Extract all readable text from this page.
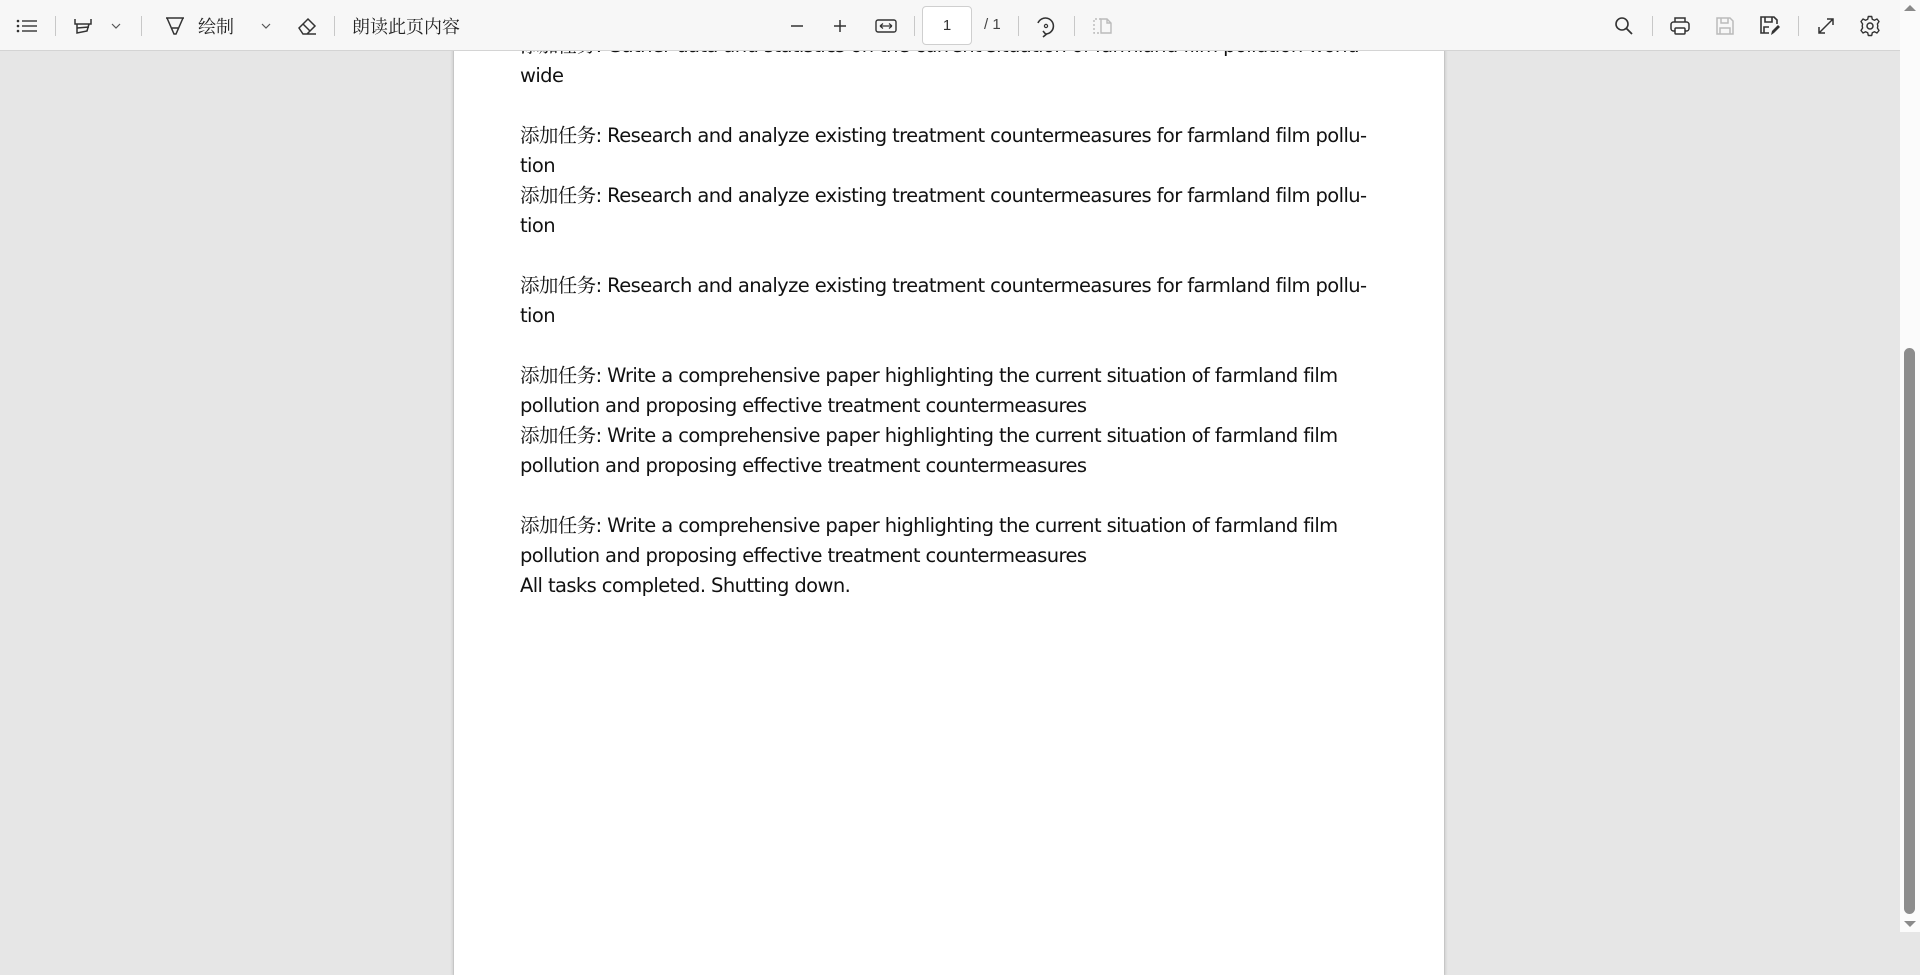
绘制	朗读此页内容	1	/ 1
wide
添加任务: Research and analyze existing treatment countermeasures for farmland film pollu-
tion
添加任务: Research and analyze existing treatment countermeasures for farmland film pollu-
tion
添加任务: Research and analyze existing treatment countermeasures for farmland film pollu-
tion
添加任务: Write a comprehensive paper highlighting the current situation of farmland film
pollution and proposing effective treatment countermeasures
添加任务: Write a comprehensive paper highlighting the current situation of farmland film
pollution and proposing effective treatment countermeasures
添加任务: Write a comprehensive paper highlighting the current situation of farmland film
pollution and proposing effective treatment countermeasures
All tasks completed. Shutting down.
